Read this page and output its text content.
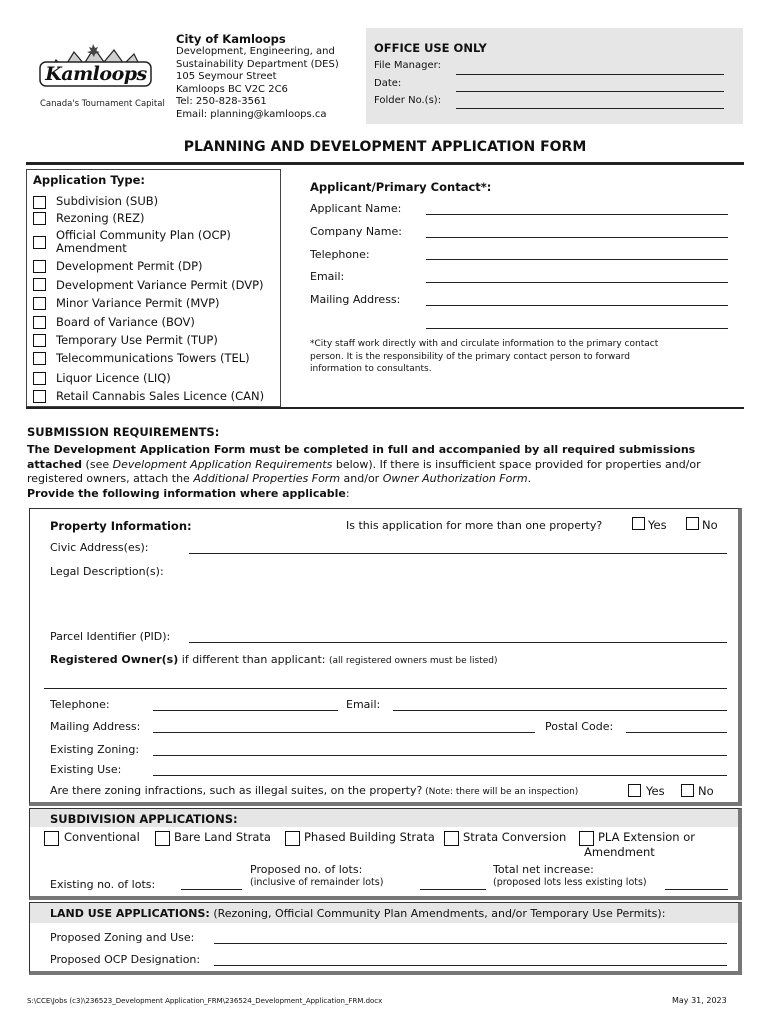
Kamloops
Canada's Tournament Capital
City of Kamloops
Development, Engineering, and
Sustainability Department (DES)
105 Seymour Street
Kamloops BC V2C 2C6
Tel: 250-828-3561
Email: planning@kamloops.ca
OFFICE USE ONLY
File Manager:
Date:
Folder No.(s):
PLANNING AND DEVELOPMENT APPLICATION FORM
Application Type:
Subdivision (SUB)
Rezoning (REZ)
Official Community Plan (OCP)
Amendment
Development Permit (DP)
Development Variance Permit (DVP)
Minor Variance Permit (MVP)
Board of Variance (BOV)
Temporary Use Permit (TUP)
Telecommunications Towers (TEL)
Liquor Licence (LIQ)
Retail Cannabis Sales Licence (CAN)
Applicant/Primary Contact*:
Applicant Name:
Company Name:
Telephone:
Email:
Mailing Address:
*City staff work directly with and circulate information to the primary contact
person. It is the responsibility of the primary contact person to forward
information to consultants.
SUBMISSION REQUIREMENTS:
The Development Application Form must be completed in full and accompanied by all required submissions
attached (see Development Application Requirements below). If there is insufficient space provided for properties and/or
registered owners, attach the Additional Properties Form and/or Owner Authorization Form.
Provide the following information where applicable:
Property Information:	Is this application for more than one property?	Yes	No
Civic Address(es):
Legal Description(s):
Parcel Identifier (PID):
Registered Owner(s) if different than applicant: (all registered owners must be listed)
Telephone:	Email:
Mailing Address:	Postal Code:
Existing Zoning:
Existing Use:
Are there zoning infractions, such as illegal suites, on the property? (Note: there will be an inspection)	Yes	No
SUBDIVISION APPLICATIONS:
Conventional	Bare Land Strata	Phased Building Strata Strata Conversion	PLA Extension or
Amendment
Existing no. of lots:
Proposed no. of lots:
(inclusive of remainder lots)
Total net increase:
(proposed lots less existing lots)
LAND USE APPLICATIONS: (Rezoning, Official Community Plan Amendments, and/or Temporary Use Permits):
Proposed Zoning and Use:
Proposed OCP Designation:
S:\CCE\Jobs (c3)\236523_Development Application_FRM\236524_Development_Application_FRM.docx	May 31, 2023
